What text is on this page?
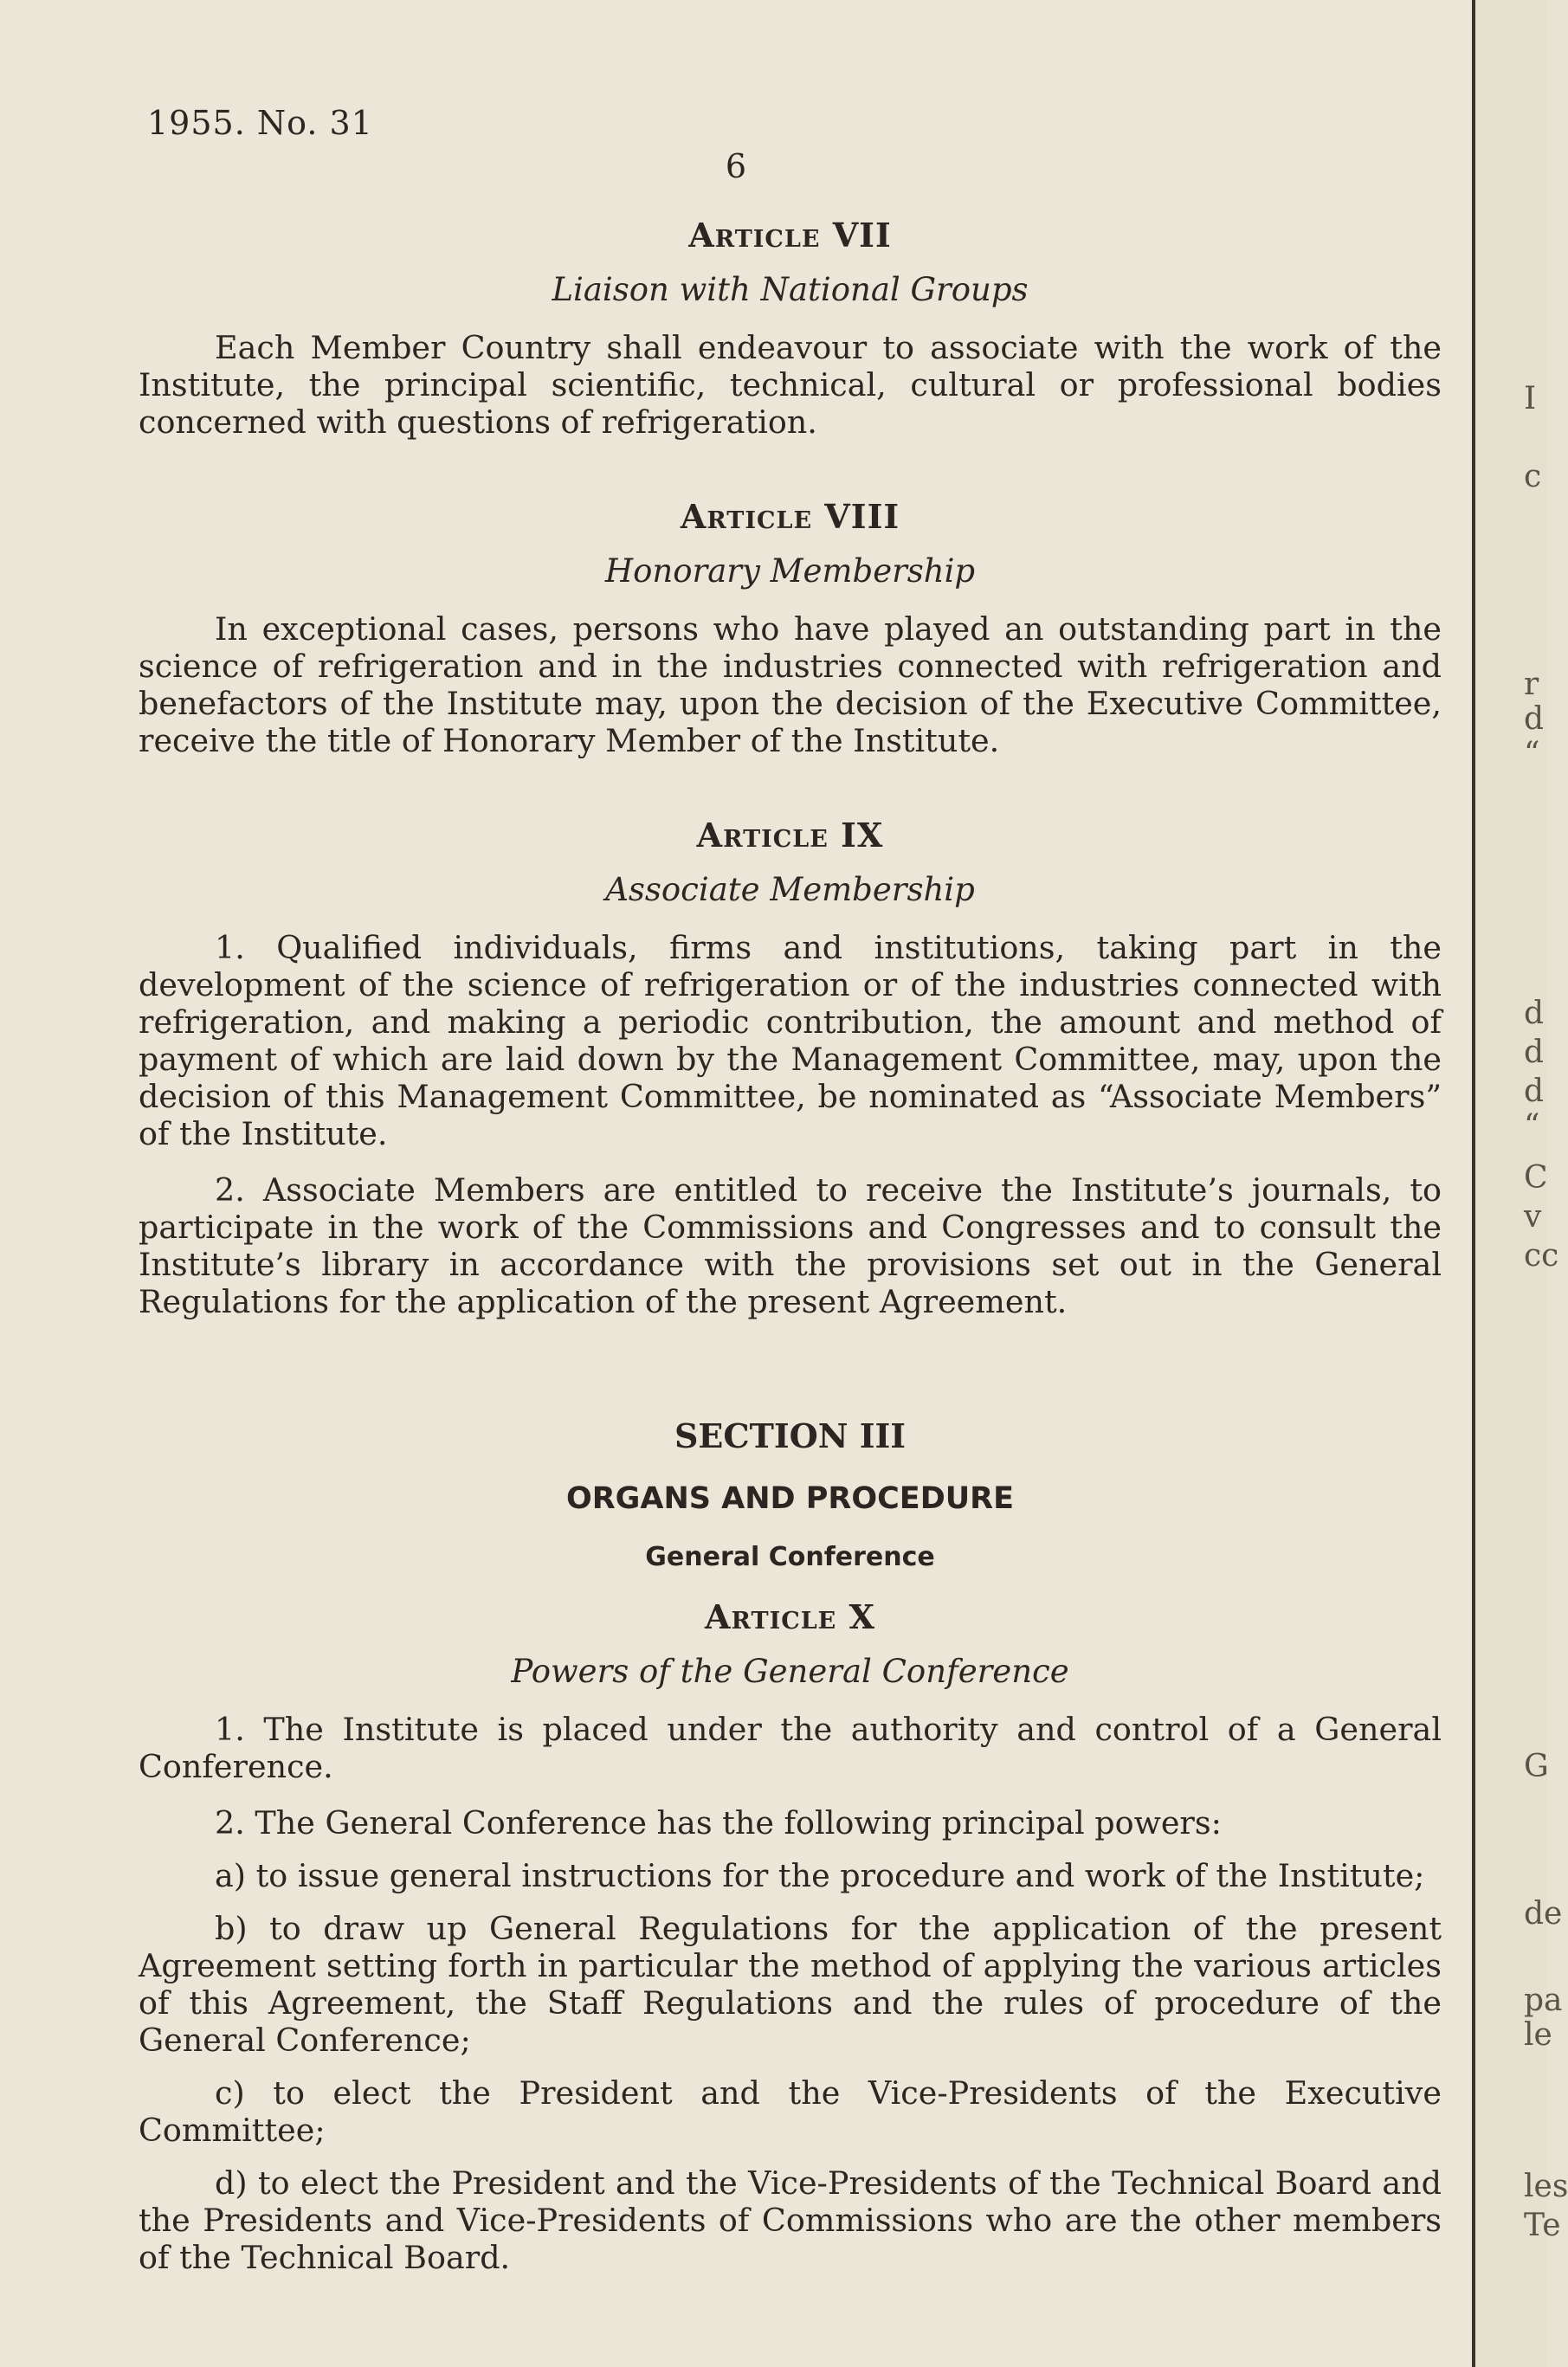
1955. No. 31
6
Article VII
Liaison with National Groups

Each Member Country shall endeavour to associate with the work of the Institute, the principal scientific, technical, cultural or professional bodies concerned with questions of refrigeration.

Article VIII
Honorary Membership

In exceptional cases, persons who have played an outstanding part in the science of refrigeration and in the industries connected with refrigeration and benefactors of the Institute may, upon the decision of the Executive Committee, receive the title of Honorary Member of the Institute.

Article IX
Associate Membership

1. Qualified individuals, firms and institutions, taking part in the development of the science of refrigeration or of the industries connected with refrigeration, and making a periodic contribution, the amount and method of payment of which are laid down by the Management Committee, may, upon the decision of this Management Committee, be nominated as “Associate Members” of the Institute.

2. Associate Members are entitled to receive the Institute’s journals, to participate in the work of the Commissions and Congresses and to consult the Institute’s library in accordance with the provisions set out in the General Regulations for the application of the present Agreement.

SECTION III
ORGANS AND PROCEDURE
General Conference
Article X
Powers of the General Conference

1. The Institute is placed under the authority and control of a General Conference.

2. The General Conference has the following principal powers:

a) to issue general instructions for the procedure and work of the Institute;

b) to draw up General Regulations for the application of the present Agreement setting forth in particular the method of applying the various articles of this Agreement, the Staff Regulations and the rules of procedure of the General Conference;

c) to elect the President and the Vice-Presidents of the Executive Committee;

d) to elect the President and the Vice-Presidents of the Technical Board and the Presidents and Vice-Presidents of Commissions who are the other members of the Technical Board.

I
c
r
d
“
d
d
d
“
C
v
cc
G
de
pa
le
les
Te
